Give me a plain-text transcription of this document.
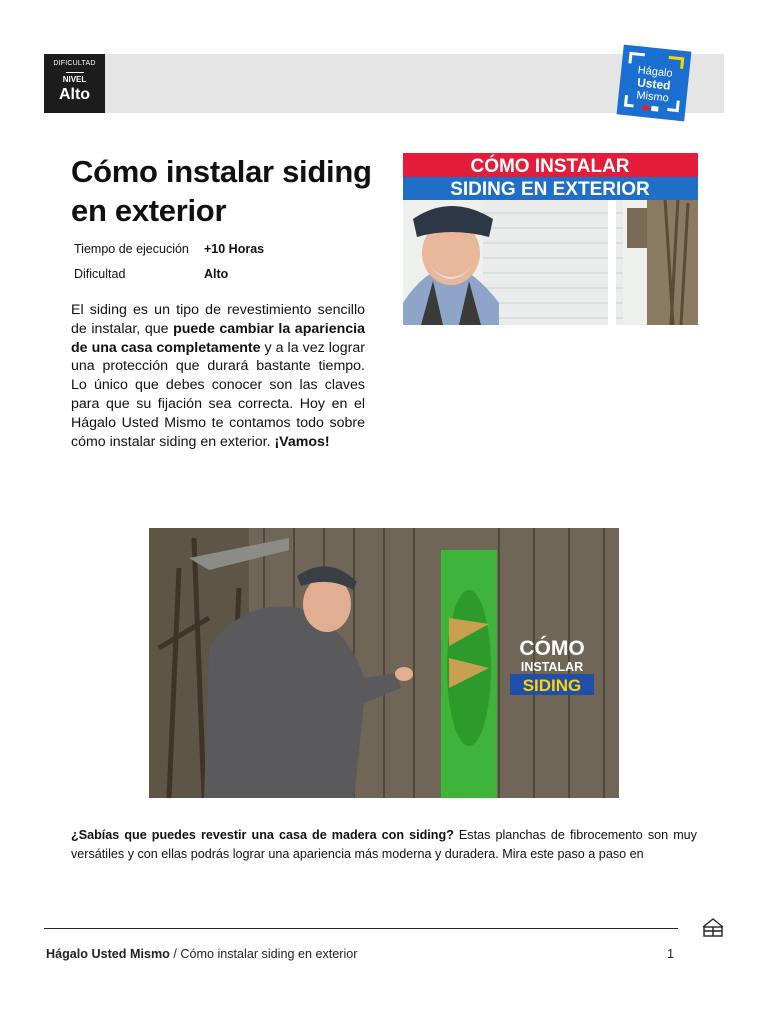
DIFICULTAD
NIVEL
Alto
Hágalo
Usted
Mismo
Cómo instalar siding en exterior
Tiempo de ejecución +10 Horas
Dificultad	Alto

El siding es un tipo de revestimiento sencillo de instalar, que puede cambiar la apariencia de una casa completamente y a la vez lograr una protección que durará bastante tiempo. Lo único que debes conocer son las claves para que su fijación sea correcta. Hoy en el Hágalo Usted Mismo te contamos todo sobre cómo instalar siding en exterior. ¡Vamos!

CÓMO INSTALAR
SIDING EN EXTERIOR
CÓMO
INSTALAR
SIDING

¿Sabías que puedes revestir una casa de madera con siding? Estas planchas de fibrocemento son muy versátiles y con ellas podrás lograr una apariencia más moderna y duradera. Mira este paso a paso en

Hágalo Usted Mismo / Cómo instalar siding en exterior	1
